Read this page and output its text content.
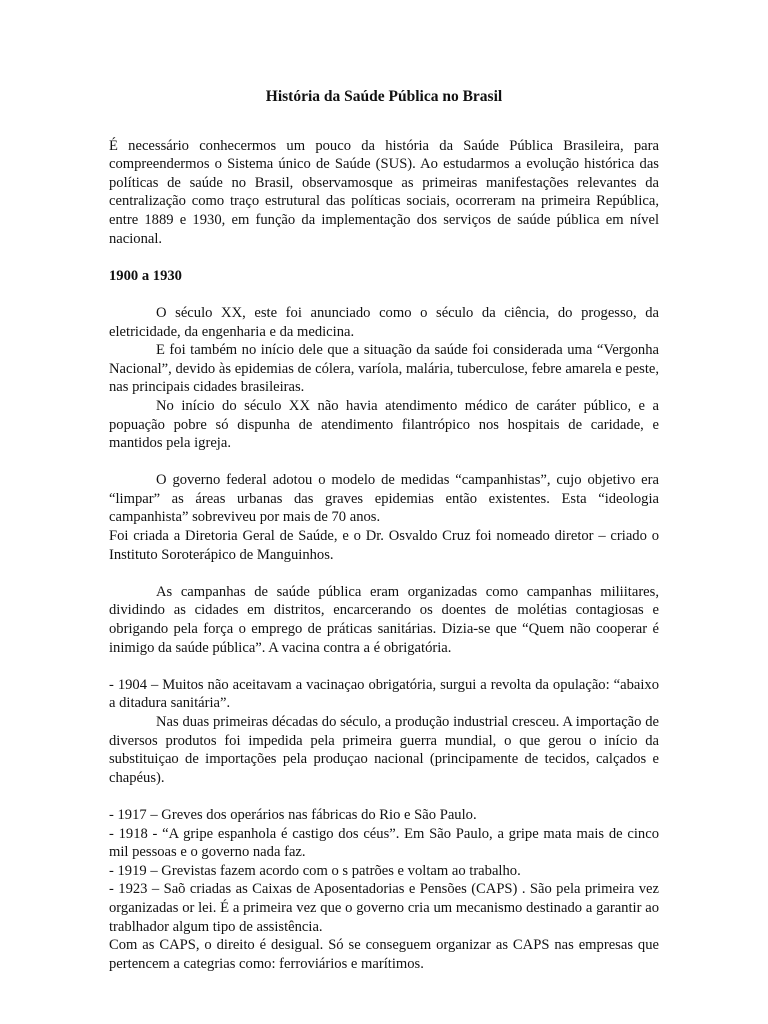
História da Saúde Pública no Brasil

É necessário conhecermos um pouco da história da Saúde Pública Brasileira, para compreendermos o Sistema único de Saúde (SUS). Ao estudarmos a evolução histórica das políticas de saúde no Brasil, observamosque as primeiras manifestações relevantes da centralização como traço estrutural das políticas sociais, ocorreram na primeira República, entre 1889 e 1930, em função da implementação dos serviços de saúde pública em nível nacional.

1900 a 1930

O século XX, este foi anunciado como o século da ciência, do progesso, da eletricidade, da engenharia e da medicina.

E foi também no início dele que a situação da saúde foi considerada uma “Vergonha Nacional”, devido às epidemias de cólera, varíola, malária, tuberculose, febre amarela e peste, nas principais cidades brasileiras.

No início do século XX não havia atendimento médico de caráter público, e a popuação pobre só dispunha de atendimento filantrópico nos hospitais de caridade, e mantidos pela igreja.

O governo federal adotou o modelo de medidas “campanhistas”, cujo objetivo era “limpar” as áreas urbanas das graves epidemias então existentes. Esta “ideologia campanhista” sobreviveu por mais de 70 anos.

Foi criada a Diretoria Geral de Saúde, e o Dr. Osvaldo Cruz foi nomeado diretor – criado o Instituto Soroterápico de Manguinhos.

As campanhas de saúde pública eram organizadas como campanhas miliitares, dividindo as cidades em distritos, encarcerando os doentes de molétias contagiosas e obrigando pela força o emprego de práticas sanitárias. Dizia-se que “Quem não cooperar é inimigo da saúde pública”. A vacina contra a é obrigatória.

- 1904 – Muitos não aceitavam a vacinaçao obrigatória, surgui a revolta da opulação: “abaixo a ditadura sanitária”.

Nas duas primeiras décadas do século, a produção industrial cresceu. A importação de diversos produtos foi impedida pela primeira guerra mundial, o que gerou o início da substituiçao de importações pela produçao nacional (principamente de tecidos, calçados e chapéus).

- 1917 – Greves dos operários nas fábricas do Rio e São Paulo.

- 1918 - “A gripe espanhola é castigo dos céus”. Em São Paulo, a gripe mata mais de cinco mil pessoas e o governo nada faz.

- 1919 – Grevistas fazem acordo com o s patrões e voltam ao trabalho.

- 1923 – Saõ criadas as Caixas de Aposentadorias e Pensões (CAPS) . São pela primeira vez organizadas or lei. É a primeira vez que o governo cria um mecanismo destinado a garantir ao trablhador algum tipo de assistência.

Com as CAPS, o direito é desigual. Só se conseguem organizar as CAPS nas empresas que pertencem a categrias como: ferroviários e marítimos.
